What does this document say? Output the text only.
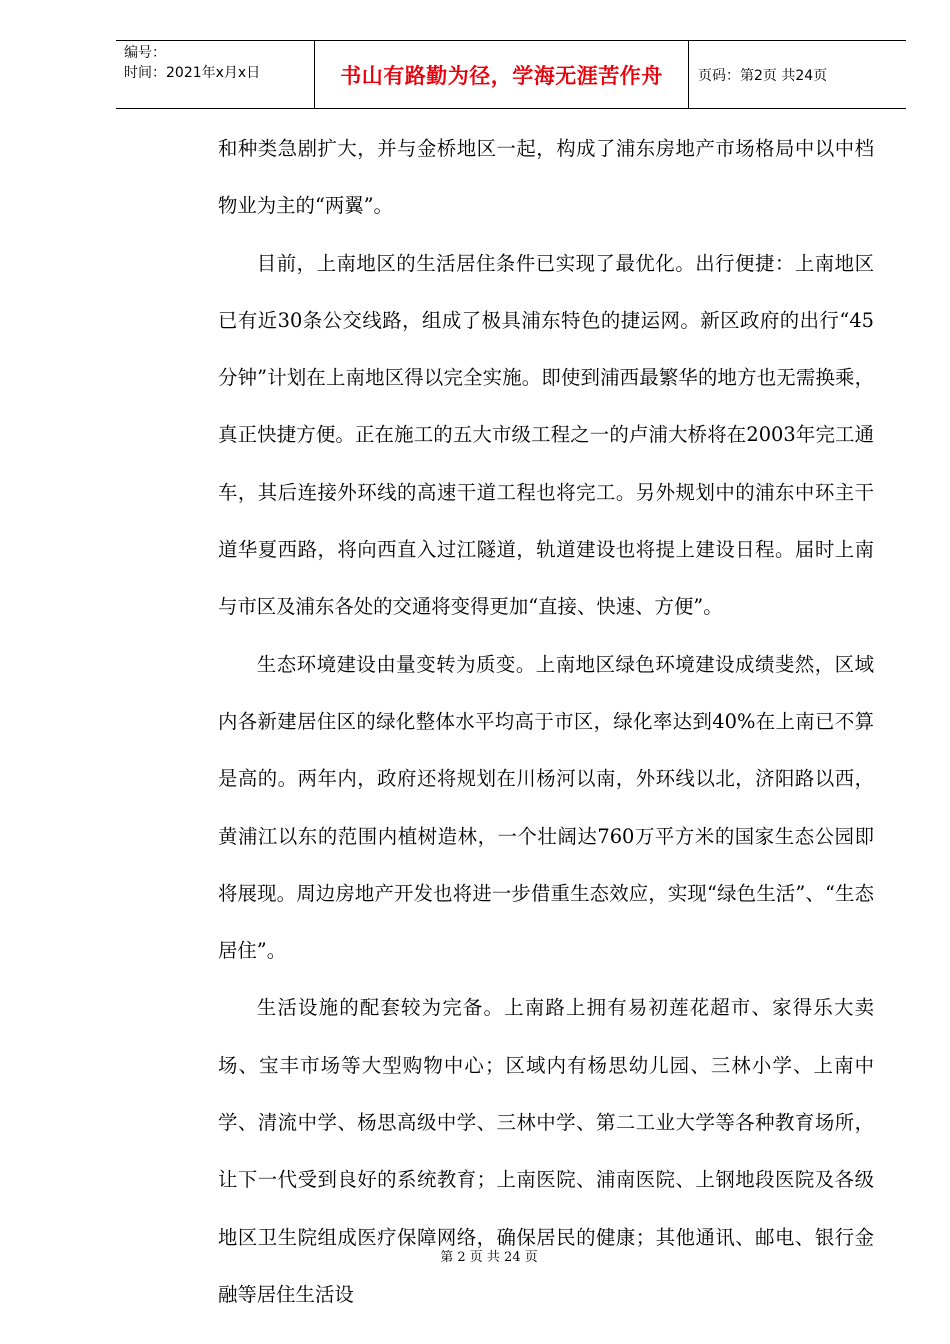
编号：
时间：2021年x月x日	书山有路勤为径，学海无涯苦作舟	页码：第2页 共24页

和种类急剧扩大，并与金桥地区一起，构成了浦东房地产市场格局中以中档物业为主的“两翼”。

目前，上南地区的生活居住条件已实现了最优化。出行便捷：上南地区已有近30条公交线路，组成了极具浦东特色的捷运网。新区政府的出行“45分钟”计划在上南地区得以完全实施。即使到浦西最繁华的地方也无需换乘，真正快捷方便。正在施工的五大市级工程之一的卢浦大桥将在2003年完工通车，其后连接外环线的高速干道工程也将完工。另外规划中的浦东中环主干道华夏西路，将向西直入过江隧道，轨道建设也将提上建设日程。届时上南与市区及浦东各处的交通将变得更加“直接、快速、方便”。

生态环境建设由量变转为质变。上南地区绿色环境建设成绩斐然，区域内各新建居住区的绿化整体水平均高于市区，绿化率达到40%在上南已不算是高的。两年内，政府还将规划在川杨河以南，外环线以北，济阳路以西，黄浦江以东的范围内植树造林，一个壮阔达760万平方米的国家生态公园即将展现。周边房地产开发也将进一步借重生态效应，实现“绿色生活”、“生态居住”。

生活设施的配套较为完备。上南路上拥有易初莲花超市、家得乐大卖场、宝丰市场等大型购物中心；区域内有杨思幼儿园、三林小学、上南中学、清流中学、杨思高级中学、三林中学、第二工业大学等各种教育场所，让下一代受到良好的系统教育；上南医院、浦南医院、上钢地段医院及各级地区卫生院组成医疗保障网络，确保居民的健康；其他通讯、邮电、银行金融等居住生活设

第 2 页 共 24 页
